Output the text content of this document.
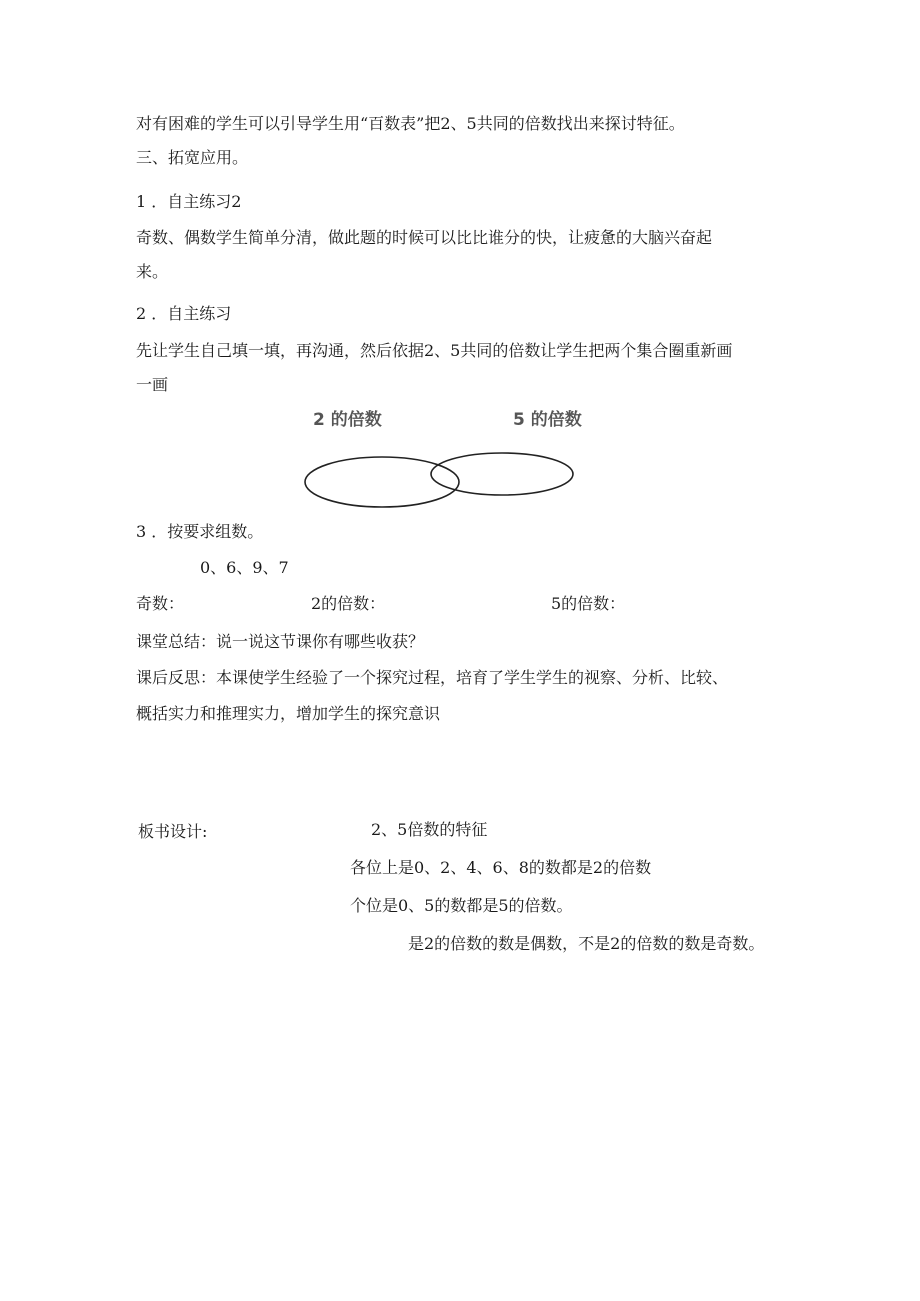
对有困难的学生可以引导学生用“百数表”把2、5共同的倍数找出来探讨特征。
三、拓宽应用。
1 ．自主练习2
奇数、偶数学生简单分清，做此题的时候可以比比谁分的快，让疲惫的大脑兴奋起
来。
2 ．自主练习
先让学生自己填一填，再沟通，然后依据2、5共同的倍数让学生把两个集合圈重新画
一画
2 的倍数	5 的倍数
3 ．按要求组数。
0、6、9、7
奇数：	2的倍数：	5的倍数：
课堂总结：说一说这节课你有哪些收获？
课后反思：本课使学生经验了一个探究过程，培育了学生学生的视察、分析、比较、
概括实力和推理实力，增加学生的探究意识
板书设计:	2、5倍数的特征
各位上是0、2、4、6、8的数都是2的倍数
个位是0、5的数都是5的倍数。
是2的倍数的数是偶数，不是2的倍数的数是奇数。
